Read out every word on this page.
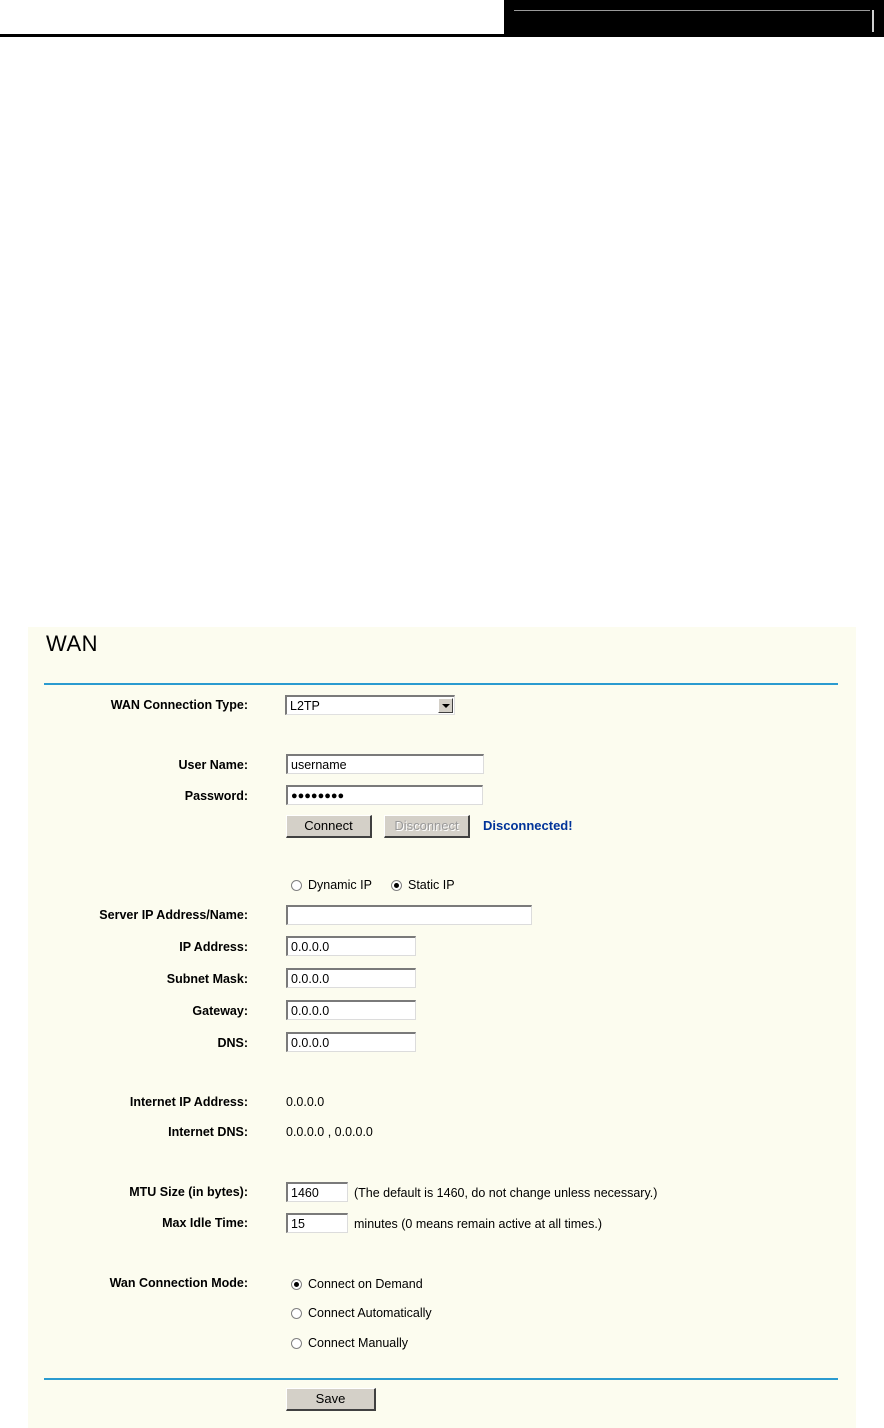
WAN
WAN Connection Type:	L2TP
User Name:	username
Password:	●●●●●●●●
Connect	Disconnect	Disconnected!
Dynamic IP	Static IP
Server IP Address/Name:
IP Address:	0.0.0.0
Subnet Mask:	0.0.0.0
Gateway:	0.0.0.0
DNS:	0.0.0.0
Internet IP Address:	0.0.0.0
Internet DNS:	0.0.0.0 , 0.0.0.0
MTU Size (in bytes):	1460	(The default is 1460, do not change unless necessary.)
Max Idle Time:	15	minutes (0 means remain active at all times.)
Wan Connection Mode:	Connect on Demand
Connect Automatically
Connect Manually
Save
